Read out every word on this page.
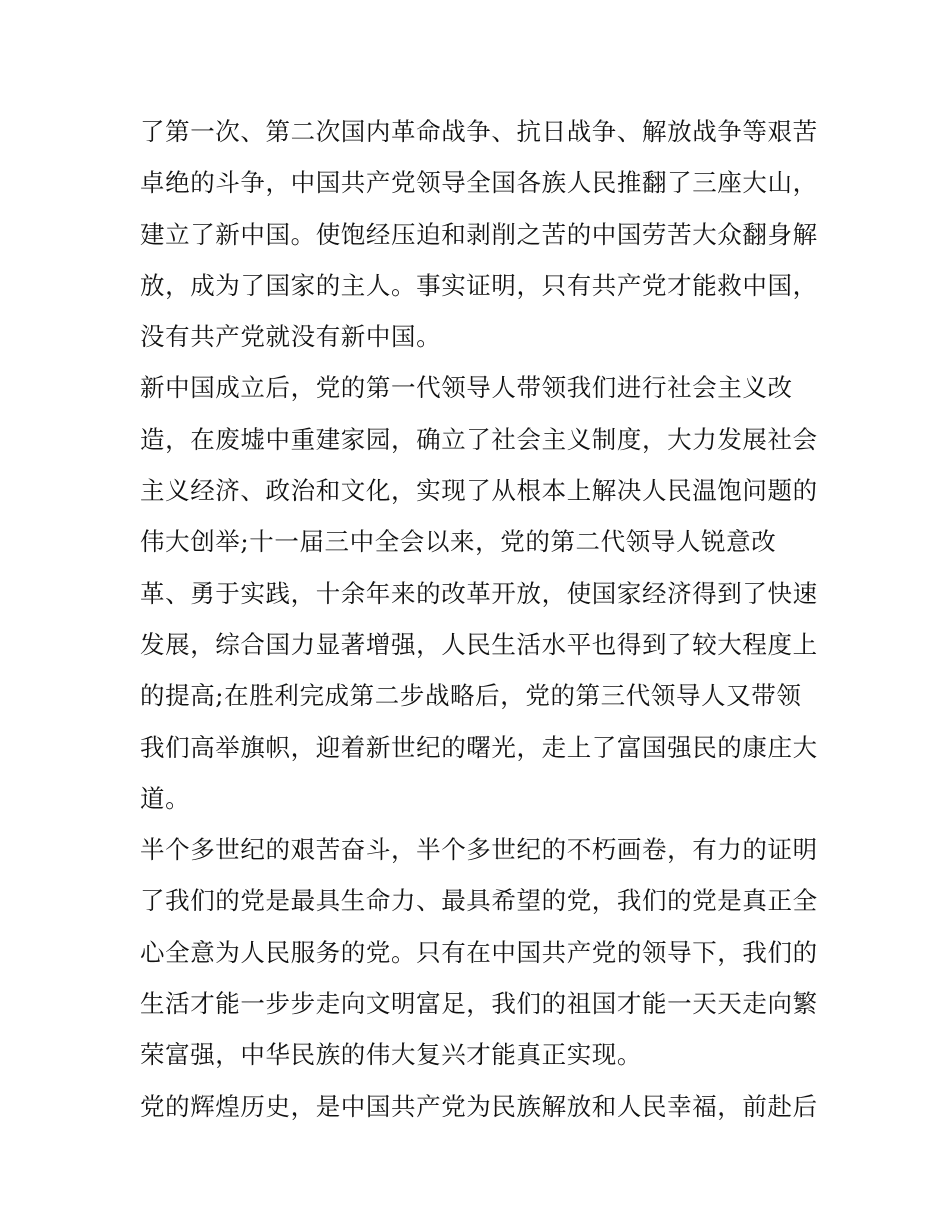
了第一次、第二次国内革命战争、抗日战争、解放战争等艰苦
卓绝的斗争，中国共产党领导全国各族人民推翻了三座大山，
建立了新中国。使饱经压迫和剥削之苦的中国劳苦大众翻身解
放，成为了国家的主人。事实证明，只有共产党才能救中国，
没有共产党就没有新中国。
新中国成立后，党的第一代领导人带领我们进行社会主义改
造，在废墟中重建家园，确立了社会主义制度，大力发展社会
主义经济、政治和文化，实现了从根本上解决人民温饱问题的
伟大创举;十一届三中全会以来，党的第二代领导人锐意改
革、勇于实践，十余年来的改革开放，使国家经济得到了快速
发展，综合国力显著增强，人民生活水平也得到了较大程度上
的提高;在胜利完成第二步战略后，党的第三代领导人又带领
我们高举旗帜，迎着新世纪的曙光，走上了富国强民的康庄大
道。
半个多世纪的艰苦奋斗，半个多世纪的不朽画卷，有力的证明
了我们的党是最具生命力、最具希望的党，我们的党是真正全
心全意为人民服务的党。只有在中国共产党的领导下，我们的
生活才能一步步走向文明富足，我们的祖国才能一天天走向繁
荣富强，中华民族的伟大复兴才能真正实现。
党的辉煌历史，是中国共产党为民族解放和人民幸福，前赴后
